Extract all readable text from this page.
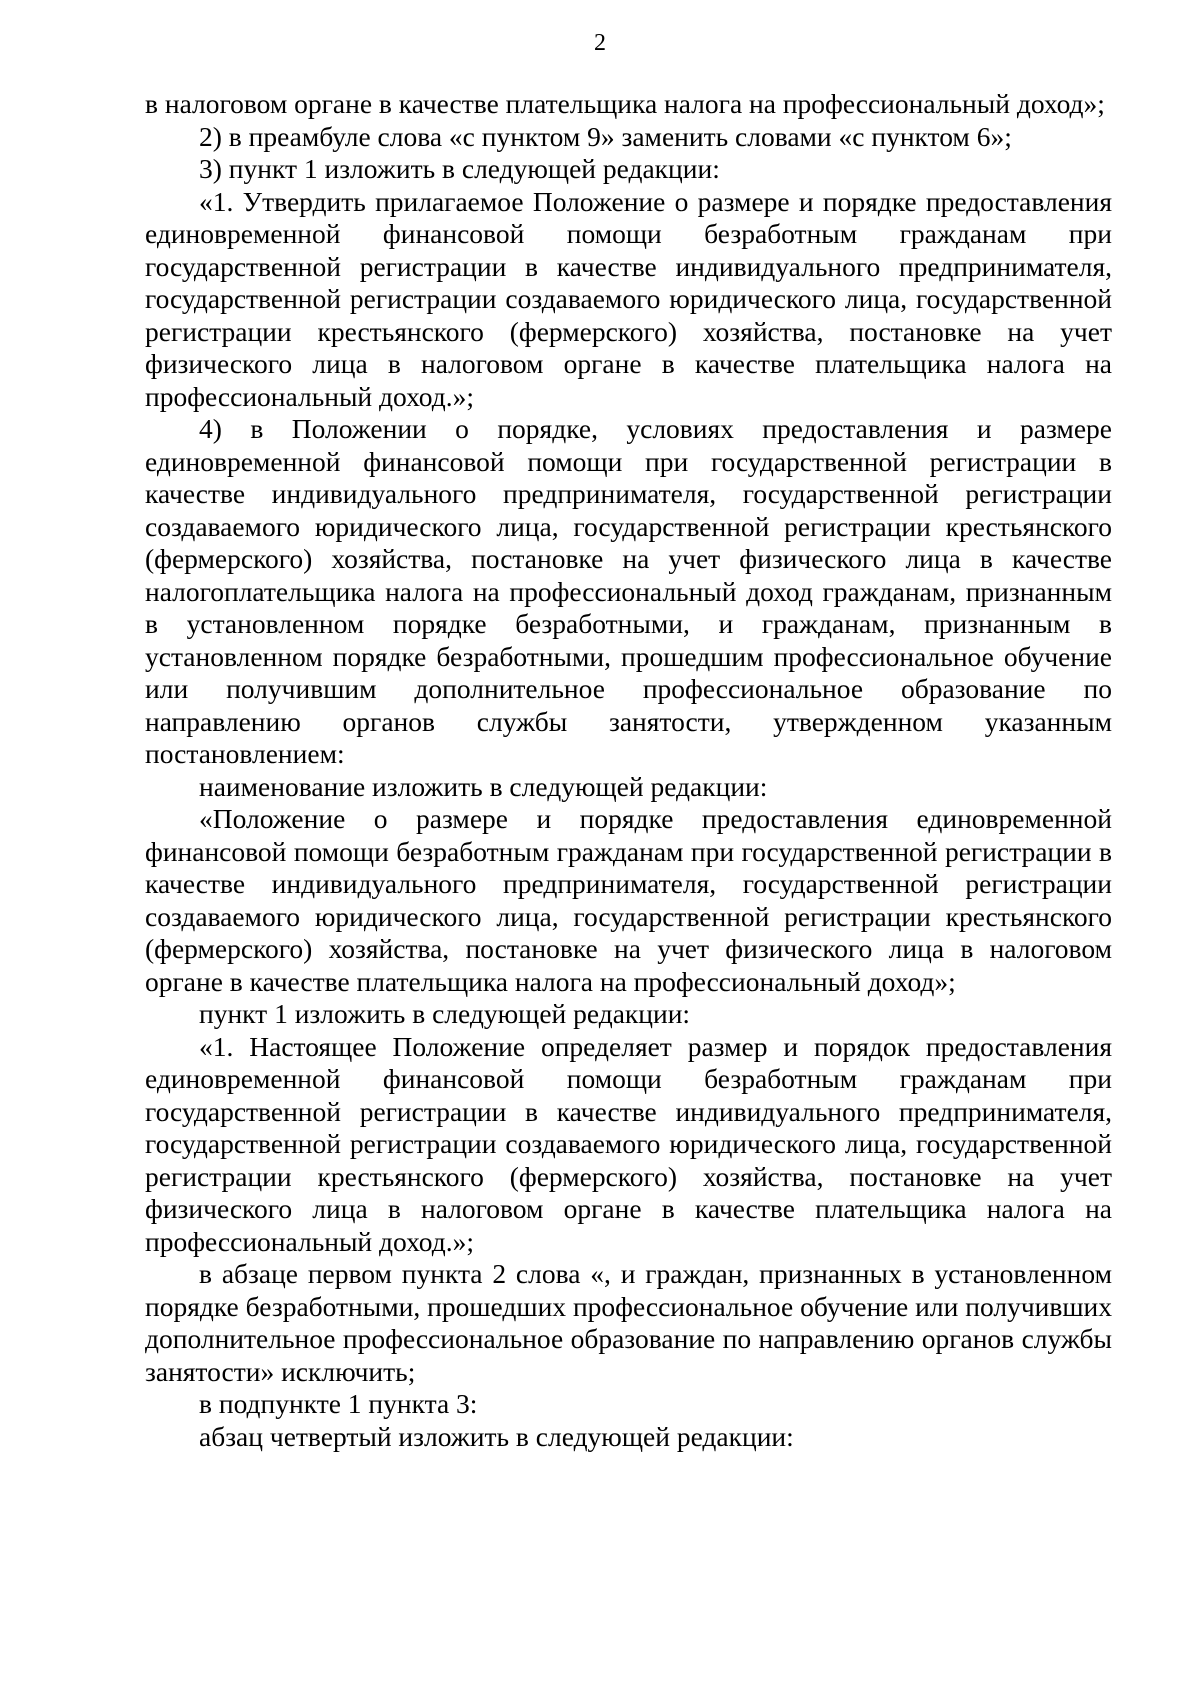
2

в налоговом органе в качестве плательщика налога на профессиональный доход»;

2) в преамбуле слова «с пунктом 9» заменить словами «с пунктом 6»;

3) пункт 1 изложить в следующей редакции:

«1. Утвердить прилагаемое Положение о размере и порядке предоставления единовременной финансовой помощи безработным гражданам при государственной регистрации в качестве индивидуального предпринимателя, государственной регистрации создаваемого юридического лица, государственной регистрации крестьянского (фермерского) хозяйства, постановке на учет физического лица в налоговом органе в качестве плательщика налога на профессиональный доход.»;

4) в Положении о порядке, условиях предоставления и размере единовременной финансовой помощи при государственной регистрации в качестве индивидуального предпринимателя, государственной регистрации создаваемого юридического лица, государственной регистрации крестьянского (фермерского) хозяйства, постановке на учет физического лица в качестве налогоплательщика налога на профессиональный доход гражданам, признанным в установленном порядке безработными, и гражданам, признанным в установленном порядке безработными, прошедшим профессиональное обучение или получившим дополнительное профессиональное образование по направлению органов службы занятости, утвержденном указанным постановлением:

наименование изложить в следующей редакции:

«Положение о размере и порядке предоставления единовременной финансовой помощи безработным гражданам при государственной регистрации в качестве индивидуального предпринимателя, государственной регистрации создаваемого юридического лица, государственной регистрации крестьянского (фермерского) хозяйства, постановке на учет физического лица в налоговом органе в качестве плательщика налога на профессиональный доход»;

пункт 1 изложить в следующей редакции:

«1. Настоящее Положение определяет размер и порядок предоставления единовременной финансовой помощи безработным гражданам при государственной регистрации в качестве индивидуального предпринимателя, государственной регистрации создаваемого юридического лица, государственной регистрации крестьянского (фермерского) хозяйства, постановке на учет физического лица в налоговом органе в качестве плательщика налога на профессиональный доход.»;

в абзаце первом пункта 2 слова «, и граждан, признанных в установленном порядке безработными, прошедших профессиональное обучение или получивших дополнительное профессиональное образование по направлению органов службы занятости» исключить;

в подпункте 1 пункта 3:

абзац четвертый изложить в следующей редакции:
